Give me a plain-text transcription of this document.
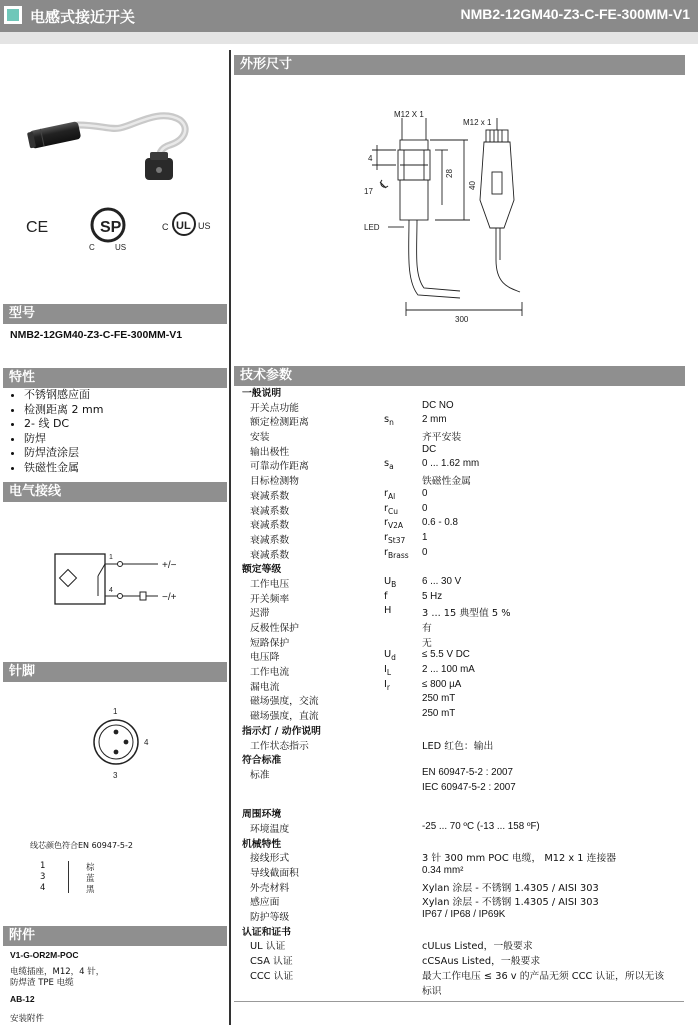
电感式接近开关	NMB2-12GM40-Z3-C-FE-300MM-V1
CE	SP
C	US
C UL US
型号
NMB2-12GM40-Z3-C-FE-300MM-V1
特性
• 不锈钢感应面
• 检测距离 2 mm
• 2- 线 DC
• 防焊
• 防焊渣涂层
• 铁磁性金属
电气接线
1
4
+/−
−/+
针脚
1
4
3
线芯颜色符合EN 60947-5-2
1	棕
3	蓝
4	黑
附件
V1-G-OR2M-POC
电缆插座，M12，4 针，
防焊渣 TPE 电缆
AB-12
安装附件
外形尺寸
M12 X 1
M12 x 1
4
17
28
40
LED
300
技术参数
一般说明
开关点功能	DC NO
额定检测距离	$s_n$	2 mm
安装	齐平安装
输出极性	DC
可靠动作距离	$s_a$	0 ... 1.62 mm
目标检测物	铁磁性金属
衰减系数	$r_{Al}$	0
衰减系数	$r_{Cu}$ 0
衰减系数	$r_{V2A}$ 0.6 - 0.8
衰减系数	$r_{St37}$ 1
衰减系数	$r_{Brass}$ 0
额定等级
工作电压	$U_B$	6 ... 30 V
开关频率	f	5 Hz
迟滞	H	3 ... 15 典型值 5 %
反极性保护	有
短路保护	无
电压降	$U_d$	≤ 5.5 V DC
工作电流	$I_L$	2 ... 100 mA
漏电流	$I_r$	≤ 800 µA
磁场强度，交流	250 mT
磁场强度，直流	250 mT
指示灯 / 动作说明
工作状态指示	LED 红色：输出
符合标准
标准	EN 60947-5-2 : 2007
IEC 60947-5-2 : 2007
周围环境
环境温度	-25 ... 70 ºC (-13 ... 158 ºF)
机械特性
接线形式	3 针 300 mm POC 电缆， M12 x 1 连接器
导线截面积	0.34 mm²
外壳材料	Xylan 涂层 - 不锈钢 1.4305 / AISI 303
感应面	Xylan 涂层 - 不锈钢 1.4305 / AISI 303
防护等级	IP67 / IP68 / IP69K
认证和证书
UL 认证	cULus Listed，一般要求
CSA 认证	cCSAus Listed，一般要求
CCC 认证	最大工作电压 ≤ 36 v 的产品无须 CCC 认证，所以无该
标识
